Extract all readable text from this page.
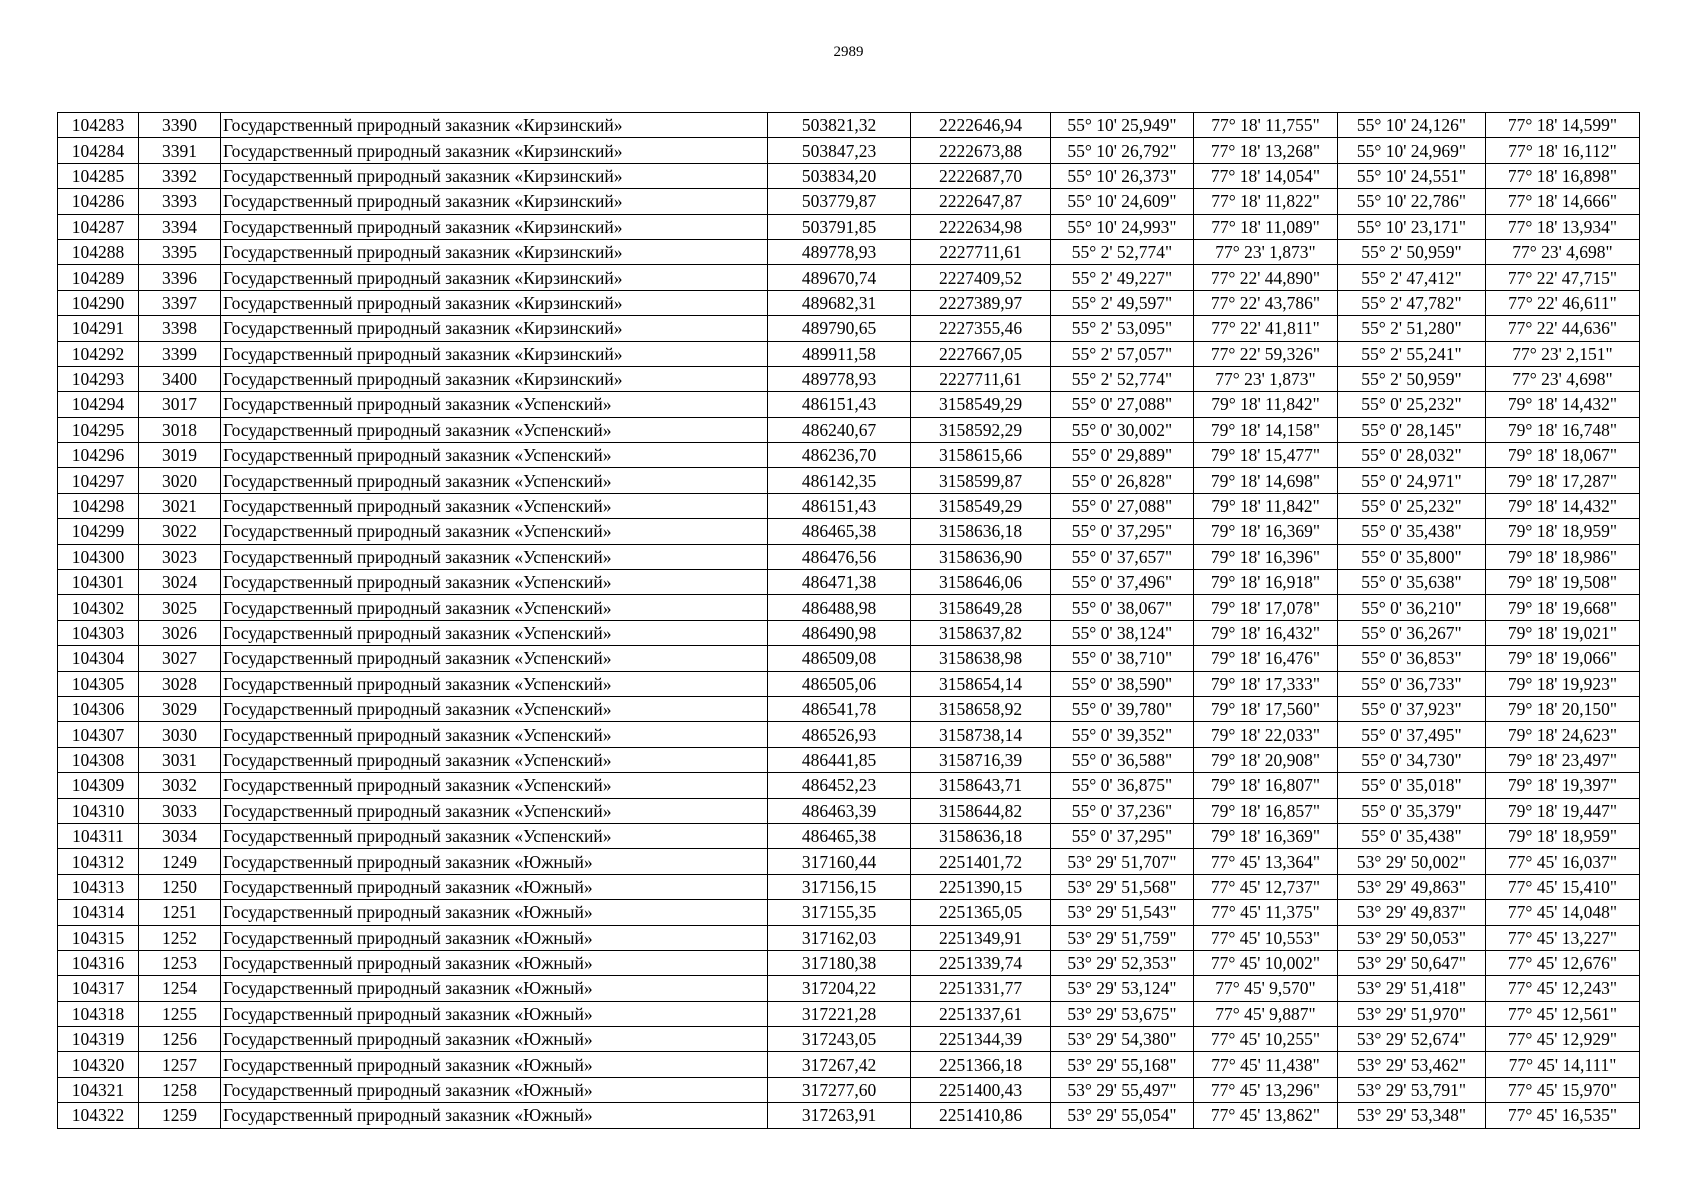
2989
104283	3390	Государственный природный заказник «Кирзинский»	503821,32	2222646,94	55° 10' 25,949"	77° 18' 11,755"	55° 10' 24,126"	77° 18' 14,599"
104284	3391	Государственный природный заказник «Кирзинский»	503847,23	2222673,88	55° 10' 26,792"	77° 18' 13,268"	55° 10' 24,969"	77° 18' 16,112"
104285	3392	Государственный природный заказник «Кирзинский»	503834,20	2222687,70	55° 10' 26,373"	77° 18' 14,054"	55° 10' 24,551"	77° 18' 16,898"
104286	3393	Государственный природный заказник «Кирзинский»	503779,87	2222647,87	55° 10' 24,609"	77° 18' 11,822"	55° 10' 22,786"	77° 18' 14,666"
104287	3394	Государственный природный заказник «Кирзинский»	503791,85	2222634,98	55° 10' 24,993"	77° 18' 11,089"	55° 10' 23,171"	77° 18' 13,934"
104288	3395	Государственный природный заказник «Кирзинский»	489778,93	2227711,61	55° 2' 52,774"	77° 23' 1,873"	55° 2' 50,959"	77° 23' 4,698"
104289	3396	Государственный природный заказник «Кирзинский»	489670,74	2227409,52	55° 2' 49,227"	77° 22' 44,890"	55° 2' 47,412"	77° 22' 47,715"
104290	3397	Государственный природный заказник «Кирзинский»	489682,31	2227389,97	55° 2' 49,597"	77° 22' 43,786"	55° 2' 47,782"	77° 22' 46,611"
104291	3398	Государственный природный заказник «Кирзинский»	489790,65	2227355,46	55° 2' 53,095"	77° 22' 41,811"	55° 2' 51,280"	77° 22' 44,636"
104292	3399	Государственный природный заказник «Кирзинский»	489911,58	2227667,05	55° 2' 57,057"	77° 22' 59,326"	55° 2' 55,241"	77° 23' 2,151"
104293	3400	Государственный природный заказник «Кирзинский»	489778,93	2227711,61	55° 2' 52,774"	77° 23' 1,873"	55° 2' 50,959"	77° 23' 4,698"
104294	3017	Государственный природный заказник «Успенский»	486151,43	3158549,29	55° 0' 27,088"	79° 18' 11,842"	55° 0' 25,232"	79° 18' 14,432"
104295	3018	Государственный природный заказник «Успенский»	486240,67	3158592,29	55° 0' 30,002"	79° 18' 14,158"	55° 0' 28,145"	79° 18' 16,748"
104296	3019	Государственный природный заказник «Успенский»	486236,70	3158615,66	55° 0' 29,889"	79° 18' 15,477"	55° 0' 28,032"	79° 18' 18,067"
104297	3020	Государственный природный заказник «Успенский»	486142,35	3158599,87	55° 0' 26,828"	79° 18' 14,698"	55° 0' 24,971"	79° 18' 17,287"
104298	3021	Государственный природный заказник «Успенский»	486151,43	3158549,29	55° 0' 27,088"	79° 18' 11,842"	55° 0' 25,232"	79° 18' 14,432"
104299	3022	Государственный природный заказник «Успенский»	486465,38	3158636,18	55° 0' 37,295"	79° 18' 16,369"	55° 0' 35,438"	79° 18' 18,959"
104300	3023	Государственный природный заказник «Успенский»	486476,56	3158636,90	55° 0' 37,657"	79° 18' 16,396"	55° 0' 35,800"	79° 18' 18,986"
104301	3024	Государственный природный заказник «Успенский»	486471,38	3158646,06	55° 0' 37,496"	79° 18' 16,918"	55° 0' 35,638"	79° 18' 19,508"
104302	3025	Государственный природный заказник «Успенский»	486488,98	3158649,28	55° 0' 38,067"	79° 18' 17,078"	55° 0' 36,210"	79° 18' 19,668"
104303	3026	Государственный природный заказник «Успенский»	486490,98	3158637,82	55° 0' 38,124"	79° 18' 16,432"	55° 0' 36,267"	79° 18' 19,021"
104304	3027	Государственный природный заказник «Успенский»	486509,08	3158638,98	55° 0' 38,710"	79° 18' 16,476"	55° 0' 36,853"	79° 18' 19,066"
104305	3028	Государственный природный заказник «Успенский»	486505,06	3158654,14	55° 0' 38,590"	79° 18' 17,333"	55° 0' 36,733"	79° 18' 19,923"
104306	3029	Государственный природный заказник «Успенский»	486541,78	3158658,92	55° 0' 39,780"	79° 18' 17,560"	55° 0' 37,923"	79° 18' 20,150"
104307	3030	Государственный природный заказник «Успенский»	486526,93	3158738,14	55° 0' 39,352"	79° 18' 22,033"	55° 0' 37,495"	79° 18' 24,623"
104308	3031	Государственный природный заказник «Успенский»	486441,85	3158716,39	55° 0' 36,588"	79° 18' 20,908"	55° 0' 34,730"	79° 18' 23,497"
104309	3032	Государственный природный заказник «Успенский»	486452,23	3158643,71	55° 0' 36,875"	79° 18' 16,807"	55° 0' 35,018"	79° 18' 19,397"
104310	3033	Государственный природный заказник «Успенский»	486463,39	3158644,82	55° 0' 37,236"	79° 18' 16,857"	55° 0' 35,379"	79° 18' 19,447"
104311	3034	Государственный природный заказник «Успенский»	486465,38	3158636,18	55° 0' 37,295"	79° 18' 16,369"	55° 0' 35,438"	79° 18' 18,959"
104312	1249	Государственный природный заказник «Южный»	317160,44	2251401,72	53° 29' 51,707"	77° 45' 13,364"	53° 29' 50,002"	77° 45' 16,037"
104313	1250	Государственный природный заказник «Южный»	317156,15	2251390,15	53° 29' 51,568"	77° 45' 12,737"	53° 29' 49,863"	77° 45' 15,410"
104314	1251	Государственный природный заказник «Южный»	317155,35	2251365,05	53° 29' 51,543"	77° 45' 11,375"	53° 29' 49,837"	77° 45' 14,048"
104315	1252	Государственный природный заказник «Южный»	317162,03	2251349,91	53° 29' 51,759"	77° 45' 10,553"	53° 29' 50,053"	77° 45' 13,227"
104316	1253	Государственный природный заказник «Южный»	317180,38	2251339,74	53° 29' 52,353"	77° 45' 10,002"	53° 29' 50,647"	77° 45' 12,676"
104317	1254	Государственный природный заказник «Южный»	317204,22	2251331,77	53° 29' 53,124"	77° 45' 9,570"	53° 29' 51,418"	77° 45' 12,243"
104318	1255	Государственный природный заказник «Южный»	317221,28	2251337,61	53° 29' 53,675"	77° 45' 9,887"	53° 29' 51,970"	77° 45' 12,561"
104319	1256	Государственный природный заказник «Южный»	317243,05	2251344,39	53° 29' 54,380"	77° 45' 10,255"	53° 29' 52,674"	77° 45' 12,929"
104320	1257	Государственный природный заказник «Южный»	317267,42	2251366,18	53° 29' 55,168"	77° 45' 11,438"	53° 29' 53,462"	77° 45' 14,111"
104321	1258	Государственный природный заказник «Южный»	317277,60	2251400,43	53° 29' 55,497"	77° 45' 13,296"	53° 29' 53,791"	77° 45' 15,970"
104322	1259	Государственный природный заказник «Южный»	317263,91	2251410,86	53° 29' 55,054"	77° 45' 13,862"	53° 29' 53,348"	77° 45' 16,535"
